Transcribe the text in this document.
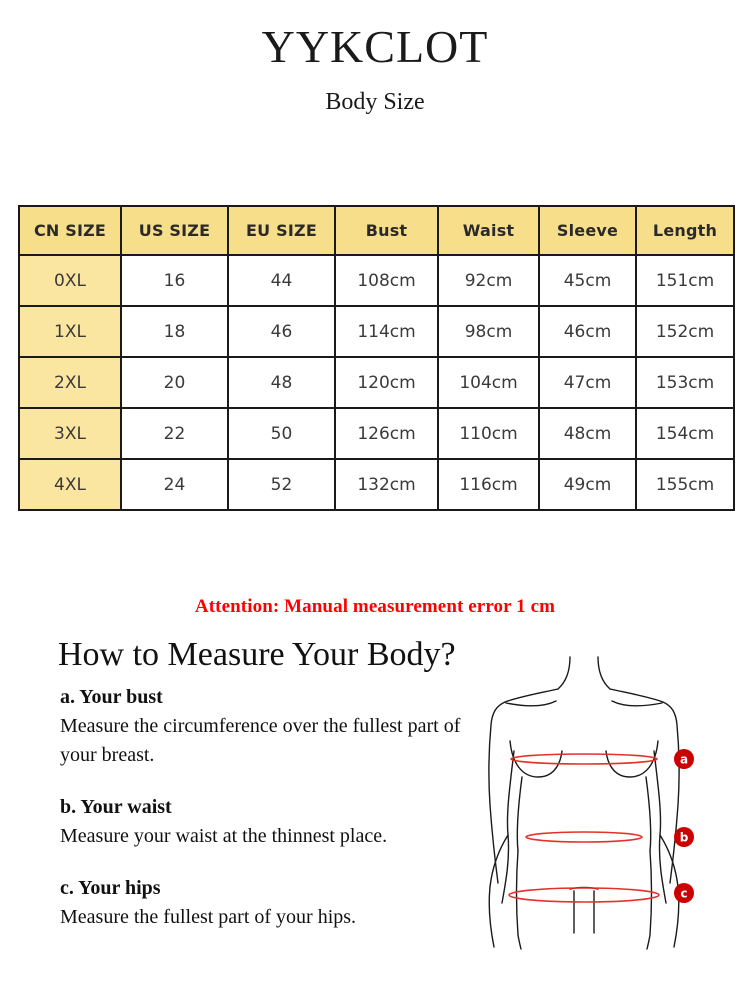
YYKCLOT
Body Size
CN SIZE	US SIZE	EU SIZE	Bust	Waist	Sleeve	Length
0XL	16	44	108cm	92cm	45cm	151cm
1XL	18	46	114cm	98cm	46cm	152cm
2XL	20	48	120cm	104cm	47cm	153cm
3XL	22	50	126cm	110cm	48cm	154cm
4XL	24	52	132cm	116cm	49cm	155cm
Attention: Manual measurement error 1 cm
How to Measure Your Body?
a. Your bust
Measure the circumference over the fullest part of your breast.
b. Your waist
Measure your waist at the thinnest place.
c. Your hips
Measure the fullest part of your hips.
a
b
c
